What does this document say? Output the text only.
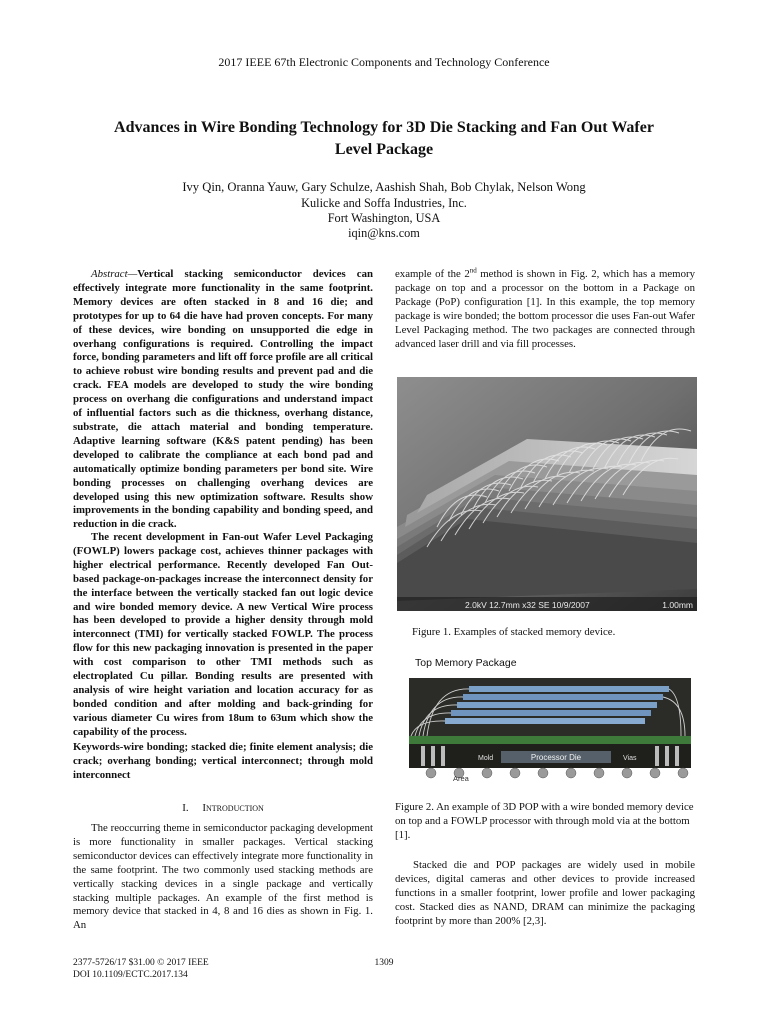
2017 IEEE 67th Electronic Components and Technology Conference
Advances in Wire Bonding Technology for 3D Die Stacking and Fan Out Wafer
Level Package
Ivy Qin, Oranna Yauw, Gary Schulze, Aashish Shah, Bob Chylak, Nelson Wong
Kulicke and Soffa Industries, Inc.
Fort Washington, USA
iqin@kns.com

Abstract—Vertical stacking semiconductor devices can effectively integrate more functionality in the same footprint. Memory devices are often stacked in 8 and 16 die; and prototypes for up to 64 die have had proven concepts. For many of these devices, wire bonding on unsupported die edge in overhang configurations is required. Controlling the impact force, bonding parameters and lift off force profile are all critical to achieve robust wire bonding results and prevent pad and die crack. FEA models are developed to study the wire bonding process on overhang die configurations and understand impact of influential factors such as die thickness, overhang distance, substrate, die attach material and bonding temperature. Adaptive learning software (K&S patent pending) has been developed to calibrate the compliance at each bond pad and automatically optimize bonding parameters per bond site. Wire bonding processes on challenging overhang devices are developed using this new optimization software. Results show improvements in the bonding capability and bonding speed, and reduction in die crack.

The recent development in Fan-out Wafer Level Packaging (FOWLP) lowers package cost, achieves thinner packages with higher electrical performance. Recently developed Fan Out-based package-on-packages increase the interconnect density for the interface between the vertically stacked fan out logic device and wire bonded memory device. A new Vertical Wire process has been developed to provide a higher density through mold interconnect (TMI) for vertically stacked FOWLP. The process flow for this new packaging innovation is presented in the paper with cost comparison to other TMI methods such as electroplated Cu pillar. Bonding results are presented with analysis of wire height variation and location accuracy for as bonded condition and after molding and back-grinding for various diameter Cu wires from 18um to 63um which show the capability of the process.

Keywords-wire bonding; stacked die; finite element analysis; die crack; overhang bonding; vertical interconnect; through mold interconnect

I. Introduction

The reoccurring theme in semiconductor packaging development is more functionality in smaller packages. Vertical stacking semiconductor devices can effectively integrate more functionality in the same footprint. The two commonly used stacking methods are vertically stacking devices in a single package and vertically stacking multiple packages. An example of the first method is memory device that stacked in 4, 8 and 16 dies as shown in Fig. 1. An

example of the 2nd method is shown in Fig. 2, which has a memory package on top and a processor on the bottom in a Package on Package (PoP) configuration [1]. In this example, the top memory package is wire bonded; the bottom processor die uses Fan-out Wafer Level Packaging method. The two packages are connected through advanced laser drill and via fill processes.

2.0kV 12.7mm x32 SE 10/9/2007	1.00mm
Figure 1. Examples of stacked memory device.
Top Memory Package
Mold	Processor Die	Vias
Area

Figure 2. An example of 3D POP with a wire bonded memory device on top and a FOWLP processor with through mold via at the bottom [1].

Stacked die and POP packages are widely used in mobile devices, digital cameras and other devices to provide increased functions in a smaller footprint, lower profile and lower packaging cost. Stacked dies as NAND, DRAM can minimize the packaging footprint by more than 200% [2,3].

2377-5726/17 $31.00 © 2017 IEEE
DOI 10.1109/ECTC.2017.134
1309
